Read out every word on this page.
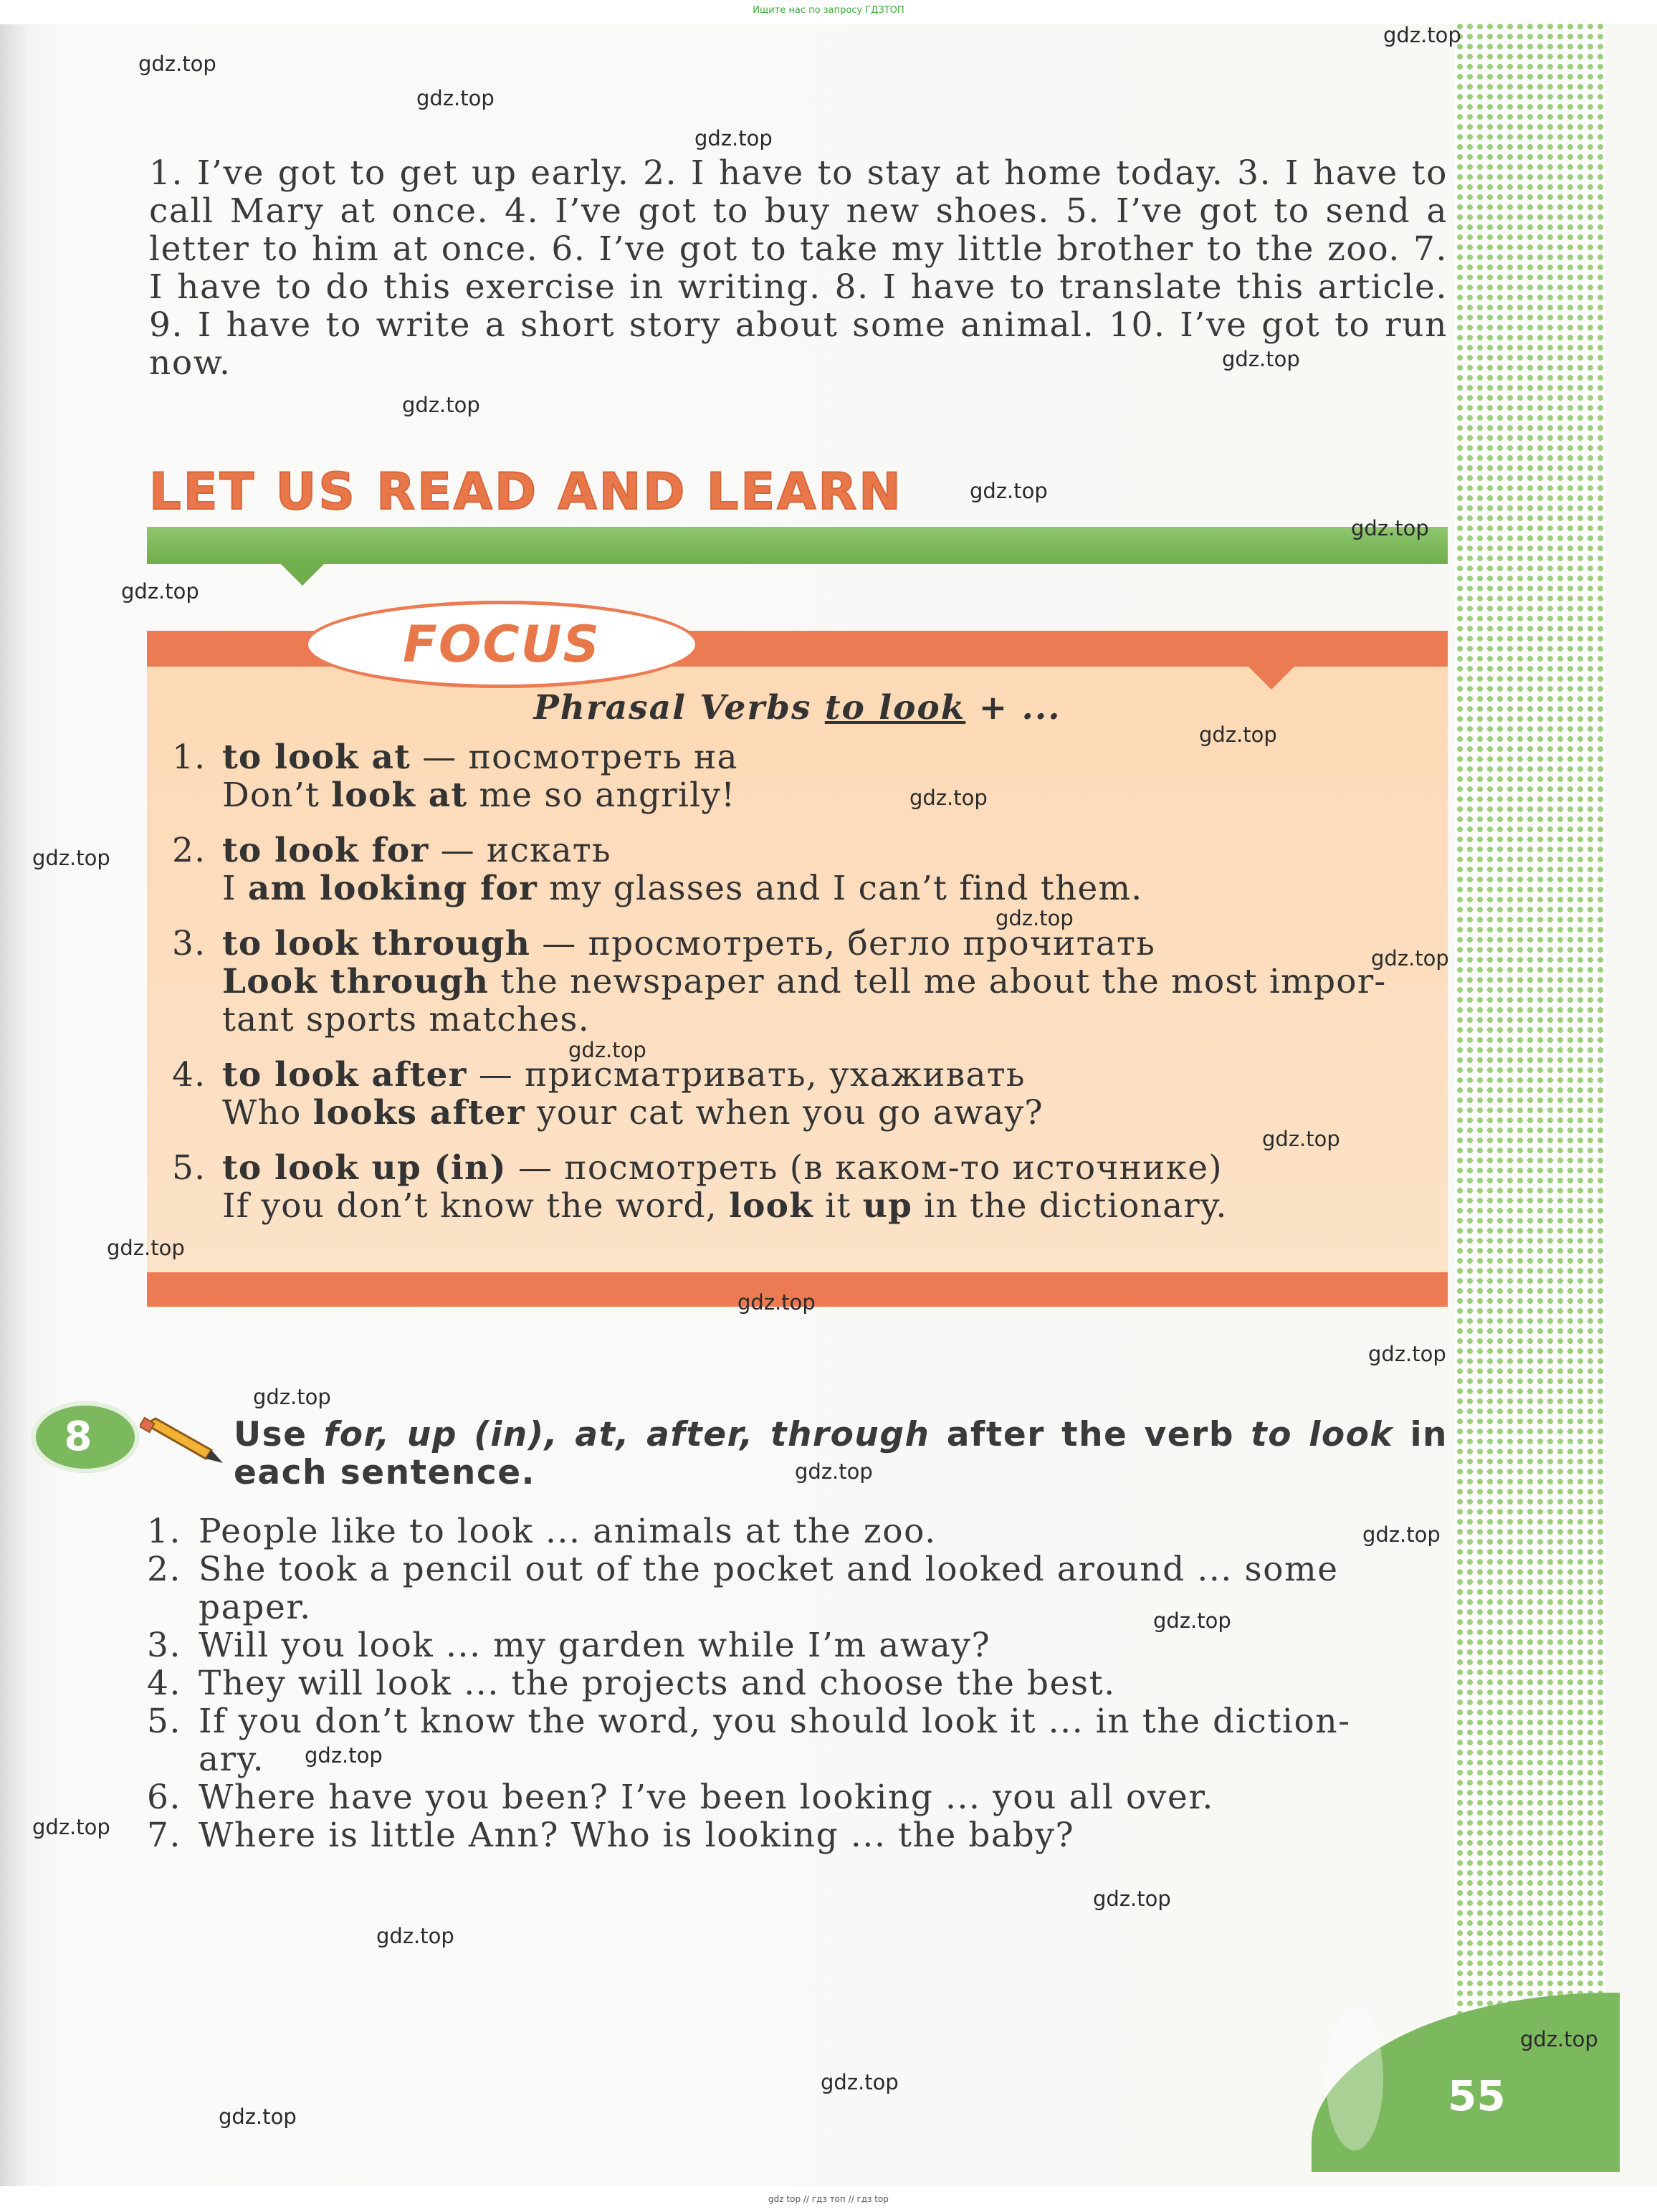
Ищите нас по запросу ГДЗТОП
55
1. I’ve got to get up early. 2. I have to stay at home today. 3. I have to call Mary at once. 4. I’ve got to buy new shoes. 5. I’ve got to send a letter to him at once. 6. I’ve got to take my little brother to the zoo. 7. I have to do this exercise in writing. 8. I have to translate this article. 9. I have to write a short story about some animal. 10. I’ve got to run now.
LET US READ AND LEARN
FOCUS
Phrasal Verbs to look + ...
1. to look at — посмотреть на
Don’t look at me so angrily!
2. to look for — искать
I am looking for my glasses and I can’t find them.
3. to look through — просмотреть, бегло прочитать
Look through the newspaper and tell me about the most impor-
tant sports matches.
4. to look after — присматривать, ухаживать
Who looks after your cat when you go away?
5. to look up (in) — посмотреть (в каком-то источнике)
If you don’t know the word, look it up in the dictionary.
8	Use for, up (in), at, after, through after the verb to look in each sentence.
1. People like to look ... animals at the zoo.
2. She took a pencil out of the pocket and looked around ... some
paper.
3. Will you look ... my garden while I’m away?
4. They will look ... the projects and choose the best.
5. If you don’t know the word, you should look it ... in the diction-
ary.
6. Where have you been? I’ve been looking ... you all over.
7. Where is little Ann? Who is looking ... the baby?
gdz.top
gdz.top
gdz.top
gdz.top
gdz.top
gdz.top
gdz.top
gdz.top
gdz.top
gdz.top
gdz.top
gdz.top
gdz.top
gdz.top
gdz.top
gdz.top
gdz.top
gdz.top
gdz.top
gdz.top
gdz.top
gdz.top
gdz.top
gdz.top
gdz.top
gdz.top
gdz.top
gdz.top
gdz.top
gdz.top
gdz top // гдз топ // гдз top
